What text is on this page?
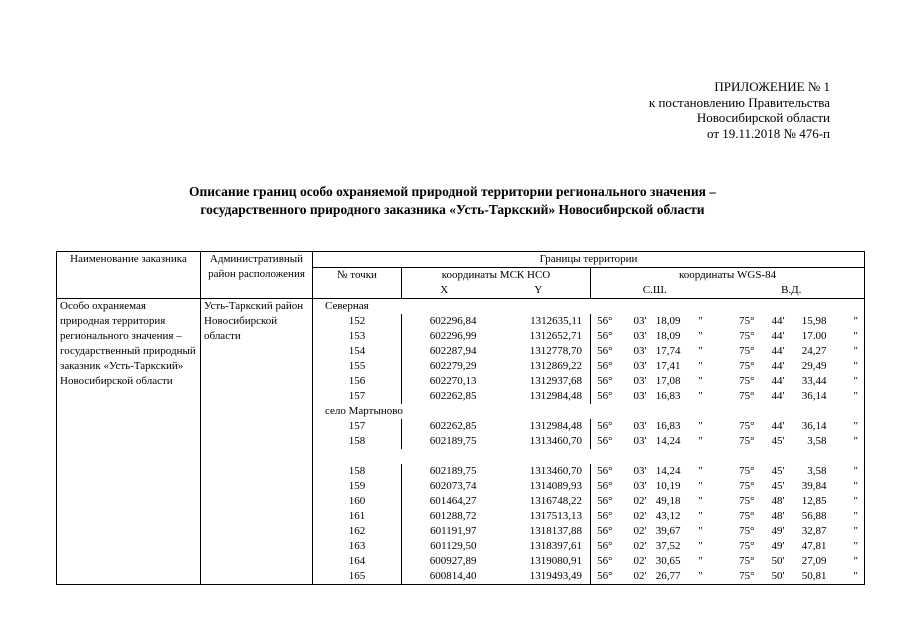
ПРИЛОЖЕНИЕ № 1
к постановлению Правительства
Новосибирской области
от 19.11.2018 № 476-п
Описание границ особо охраняемой природной территории регионального значения –
государственного природного заказника «Усть-Таркский» Новосибирской области
Наименование заказника	Административный район расположения	Границы территории										
		№ точки	координаты МСК НСО		координаты WGS-84							
			X	Y	С.Ш.				В.Д.			
Особо охраняемая природная территория регионального значения – государственный природный заказник «Усть-Таркский» Новосибирской области	Усть-Таркский район Новосибирской области	Северная										
		152	602296,84	1312635,11	56°	03'	18,09	"	75°	44'	15,98	"
		153	602296,99	1312652,71	56°	03'	18,09	"	75°	44'	17.00	"
		154	602287,94	1312778,70	56°	03'	17,74	"	75°	44'	24,27	"
		155	602279,29	1312869,22	56°	03'	17,41	"	75°	44'	29,49	"
		156	602270,13	1312937,68	56°	03'	17,08	"	75°	44'	33,44	"
		157	602262,85	1312984,48	56°	03'	16,83	"	75°	44'	36,14	"
		село Мартыново										
		157	602262,85	1312984,48	56°	03'	16,83	"	75°	44'	36,14	"
		158	602189,75	1313460,70	56°	03'	14,24	"	75°	45'	3,58	"

		158	602189,75	1313460,70	56°	03'	14,24	"	75°	45'	3,58	"
		159	602073,74	1314089,93	56°	03'	10,19	"	75°	45'	39,84	"
		160	601464,27	1316748,22	56°	02'	49,18	"	75°	48'	12,85	"
		161	601288,72	1317513,13	56°	02'	43,12	"	75°	48'	56,88	"
		162	601191,97	1318137,88	56°	02'	39,67	"	75°	49'	32,87	"
		163	601129,50	1318397,61	56°	02'	37,52	"	75°	49'	47,81	"
		164	600927,89	1319080,91	56°	02'	30,65	"	75°	50'	27,09	"
		165	600814,40	1319493,49	56°	02'	26,77	"	75°	50'	50,81	"
